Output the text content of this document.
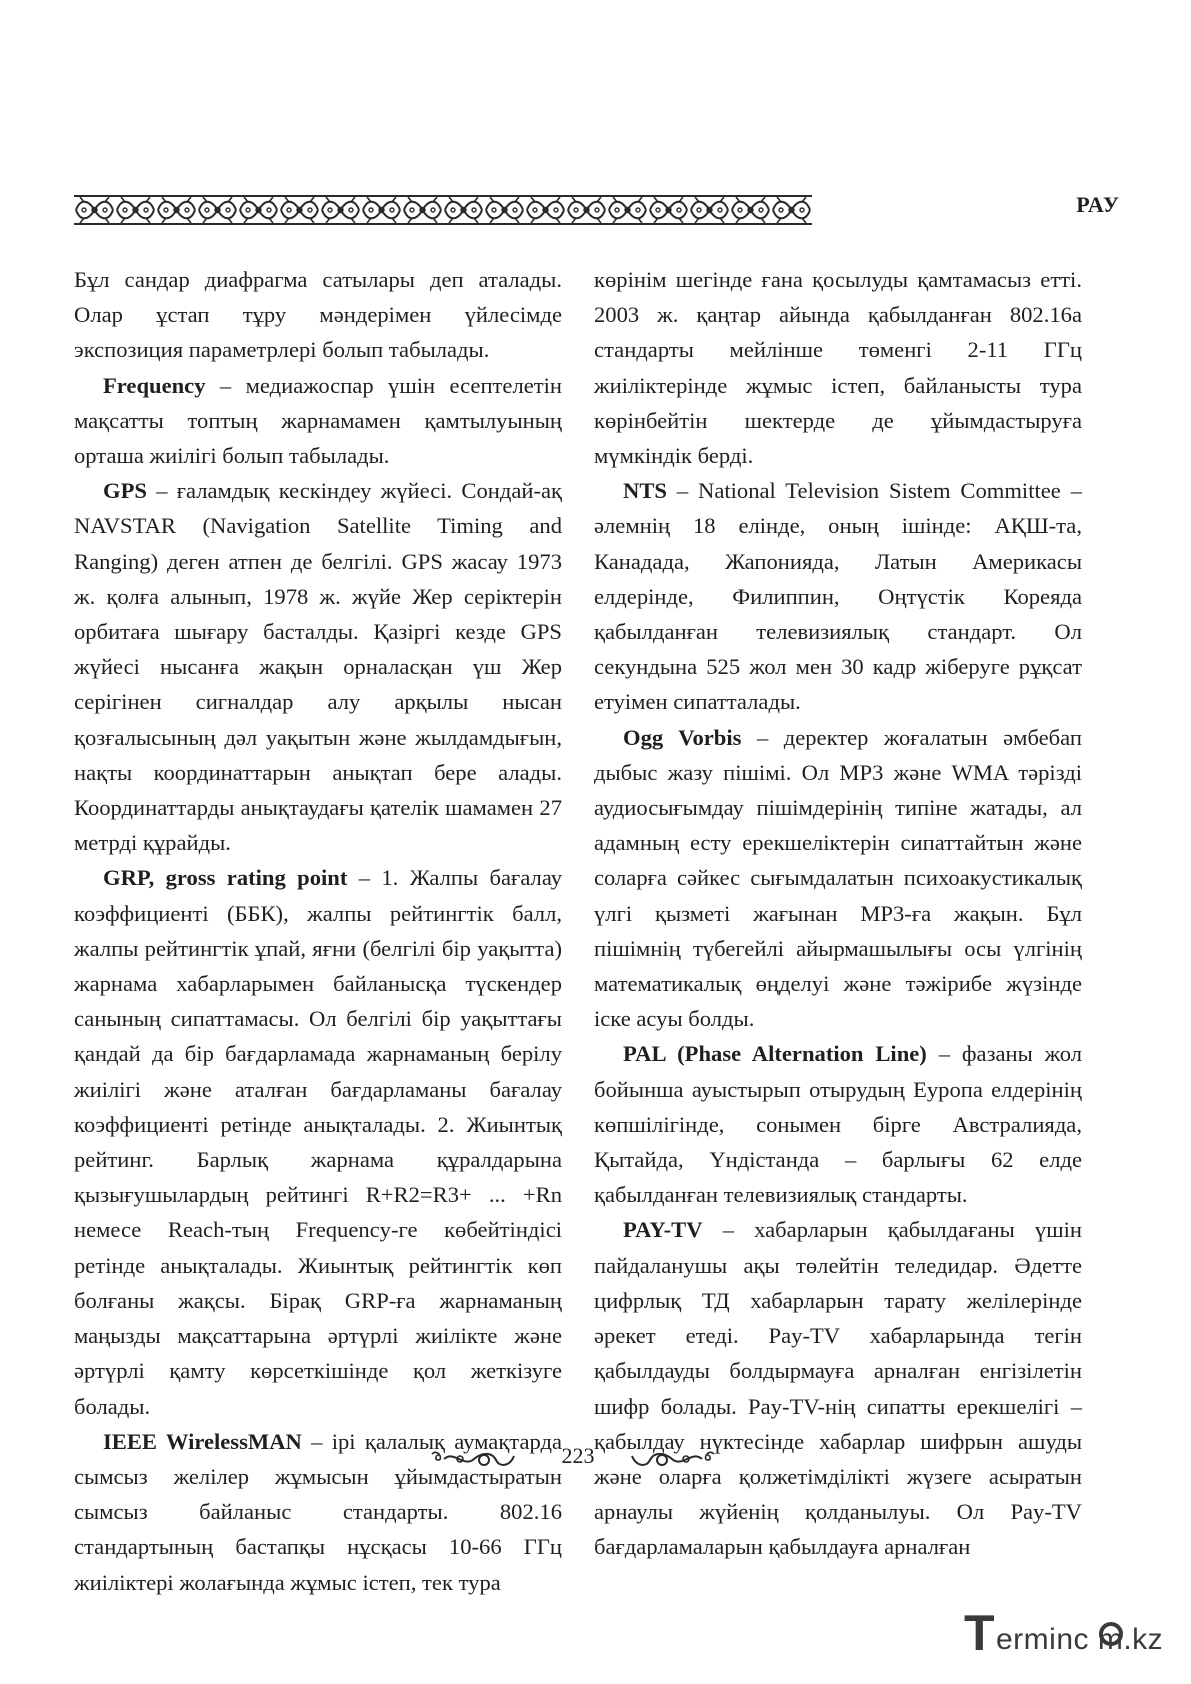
РАУ

Бұл сандар диафрагма сатылары деп аталады. Олар ұстап тұру мәндерімен үйлесімде экспозиция параметрлері болып табылады.

Frequency – медиажоспар үшін есептелетін мақсатты топтың жарнамамен қамтылуының орташа жиілігі болып табылады.

GPS – ғаламдық кескіндеу жүйесі. Сондай-ақ NAVSTAR (Navigation Satellite Timing and Ranging) деген атпен де белгілі. GPS жасау 1973 ж. қолға алынып, 1978 ж. жүйе Жер серіктерін орбитаға шығару басталды. Қазіргі кезде GPS жүйесі нысанға жақын орналасқан үш Жер серігінен сигналдар алу арқылы нысан қозғалысының дәл уақытын және жылдамдығын, нақты координаттарын анықтап бере алады. Координаттарды анықтаудағы қателік шамамен 27 метрді құрайды.

GRP, gross rating point – 1. Жалпы бағалау коэффициенті (ББК), жалпы рейтингтік балл, жалпы рейтингтік ұпай, яғни (белгілі бір уақытта) жарнама хабарларымен байланысқа түскендер санының сипаттамасы. Ол белгілі бір уақыттағы қандай да бір бағдарламада жарнаманың берілу жиілігі және аталған бағдарламаны бағалау коэффициенті ретінде анықталады. 2. Жиынтық рейтинг. Барлық жарнама құралдарына қызығушылардың рейтингі R+R2=R3+ ... +Rn немесе Reach-тың Frequency-ге көбейтіндісі ретінде анықталады. Жиынтық рейтингтік көп болғаны жақсы. Бірақ GRP-ға жарнаманың маңызды мақсаттарына әртүрлі жиілікте және әртүрлі қамту көрсеткішінде қол жеткізуге болады.

IEEE WirelessMAN – ірі қалалық аумақтарда сымсыз желілер жұмысын ұйымдастыратын сымсыз байланыс стандарты. 802.16 стандартының бастапқы нұсқасы 10-66 ГГц жиіліктері жолағында жұмыс істеп, тек тура

көрінім шегінде ғана қосылуды қамтамасыз етті. 2003 ж. қаңтар айында қабылданған 802.16а стандарты мейлінше төменгі 2-11 ГГц жиіліктерінде жұмыс істеп, байланысты тура көрінбейтін шектерде де ұйымдастыруға мүмкіндік берді.

NTS – National Television Sistem Committee – әлемнің 18 елінде, оның ішінде: АҚШ-та, Канадада, Жапонияда, Латын Америкасы елдерінде, Филиппин, Оңтүстік Кореяда қабылданған телевизиялық стандарт. Ол секундына 525 жол мен 30 кадр жіберуге рұқсат етуімен сипатталады.

Ogg Vorbis – деректер жоғалатын әмбебап дыбыс жазу пішімі. Ол MP3 және WMA тәрізді аудиосығымдау пішімдерінің типіне жатады, ал адамның есту ерекшеліктерін сипаттайтын және соларға сәйкес сығымдалатын психоакустикалық үлгі қызметі жағынан MP3-ға жақын. Бұл пішімнің түбегейлі айырмашылығы осы үлгінің математикалық өңделуі және тәжірибе жүзінде іске асуы болды.

PAL (Phase Alternation Line) – фазаны жол бойынша ауыстырып отырудың Еуропа елдерінің көпшілігінде, сонымен бірге Австралияда, Қытайда, Үндістанда – барлығы 62 елде қабылданған телевизиялық стандарты.

PAY-TV – хабарларын қабылдағаны үшін пайдаланушы ақы төлейтін теледидар. Әдетте цифрлық ТД хабарларын тарату желілерінде әрекет етеді. Pay-TV хабарларында тегін қабылдауды болдырмауға арналған енгізілетін шифр болады. Pay-TV-нің сипатты ерекшелігі – қабылдау нүктесінде хабарлар шифрын ашуды және оларға қолжетімділікті жүзеге асыратын арнаулы жүйенің қолданылуы. Ол Pay-TV бағдарламаларын қабылдауға арналған

223
T erminc m.kz
